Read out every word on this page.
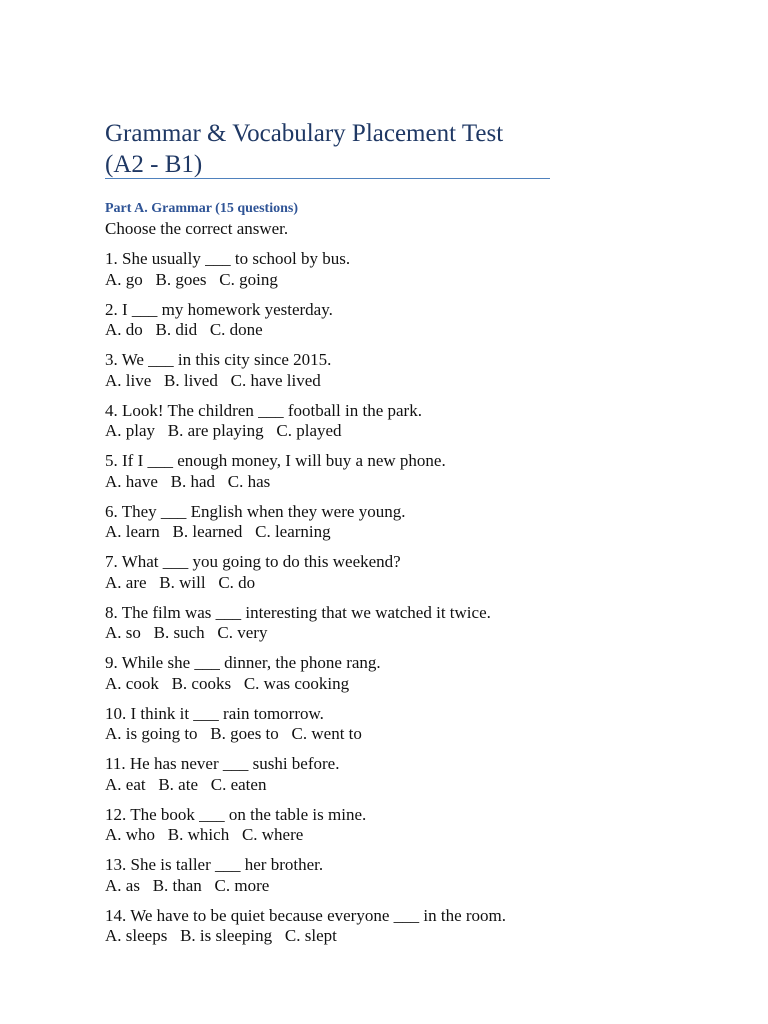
Grammar & Vocabulary Placement Test
(A2 - B1)
Part A. Grammar (15 questions)
Choose the correct answer.
1. She usually ___ to school by bus.
A. go   B. goes   C. going
2. I ___ my homework yesterday.
A. do   B. did   C. done
3. We ___ in this city since 2015.
A. live   B. lived   C. have lived
4. Look! The children ___ football in the park.
A. play   B. are playing   C. played
5. If I ___ enough money, I will buy a new phone.
A. have   B. had   C. has
6. They ___ English when they were young.
A. learn   B. learned   C. learning
7. What ___ you going to do this weekend?
A. are   B. will   C. do
8. The film was ___ interesting that we watched it twice.
A. so   B. such   C. very
9. While she ___ dinner, the phone rang.
A. cook   B. cooks   C. was cooking
10. I think it ___ rain tomorrow.
A. is going to   B. goes to   C. went to
11. He has never ___ sushi before.
A. eat   B. ate   C. eaten
12. The book ___ on the table is mine.
A. who   B. which   C. where
13. She is taller ___ her brother.
A. as   B. than   C. more
14. We have to be quiet because everyone ___ in the room.
A. sleeps   B. is sleeping   C. slept
